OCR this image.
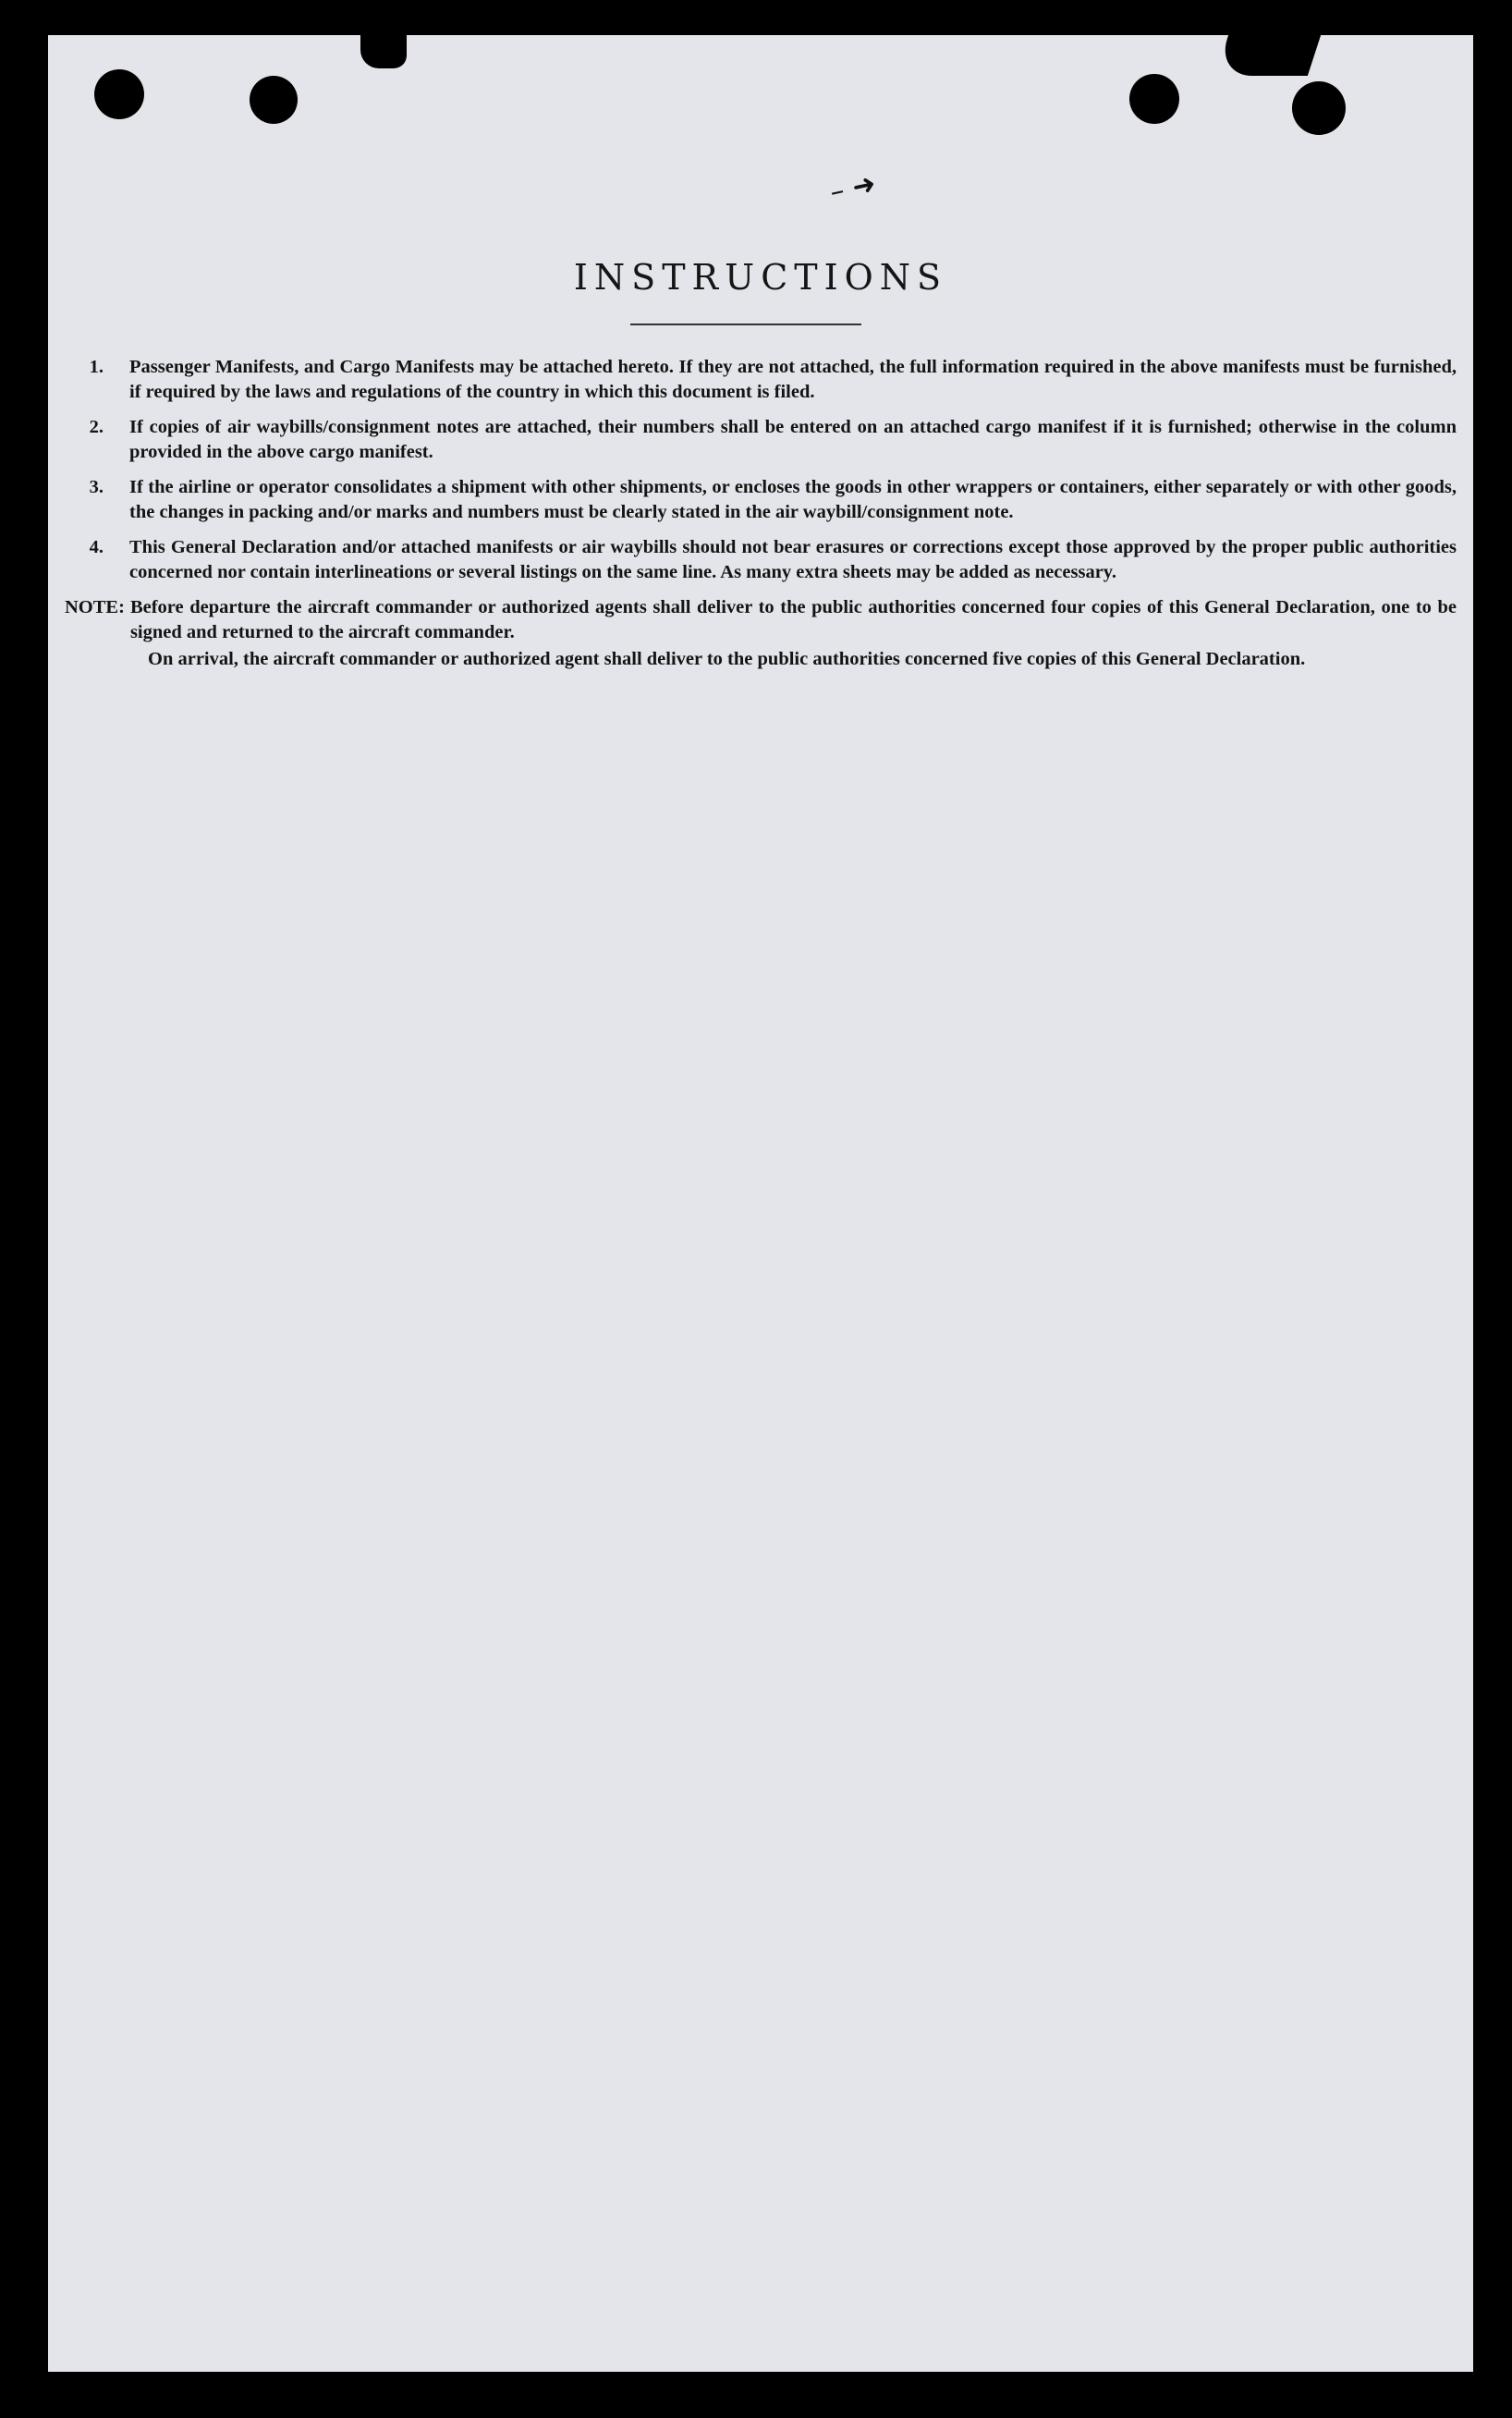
– ➜
INSTRUCTIONS
1.	Passenger Manifests, and Cargo Manifests may be attached hereto. If they are not attached, the full information required in the above manifests must be furnished, if required by the laws and regulations of the country in which this document is filed.
2.	If copies of air waybills/consignment notes are attached, their numbers shall be entered on an attached cargo manifest if it is furnished; otherwise in the column provided in the above cargo manifest.
3.	If the airline or operator consolidates a shipment with other shipments, or encloses the goods in other wrappers or containers, either separately or with other goods, the changes in packing and/or marks and numbers must be clearly stated in the air waybill/consignment note.
4.	This General Declaration and/or attached manifests or air waybills should not bear erasures or corrections except those approved by the proper public authorities concerned nor contain interlineations or several listings on the same line. As many extra sheets may be added as necessary.
NOTE: Before departure the aircraft commander or authorized agents shall deliver to the public authorities concerned four copies of this General Declaration, one to be signed and returned to the aircraft commander.
On arrival, the aircraft commander or authorized agent shall deliver to the public authorities concerned five copies of this General Declaration.
